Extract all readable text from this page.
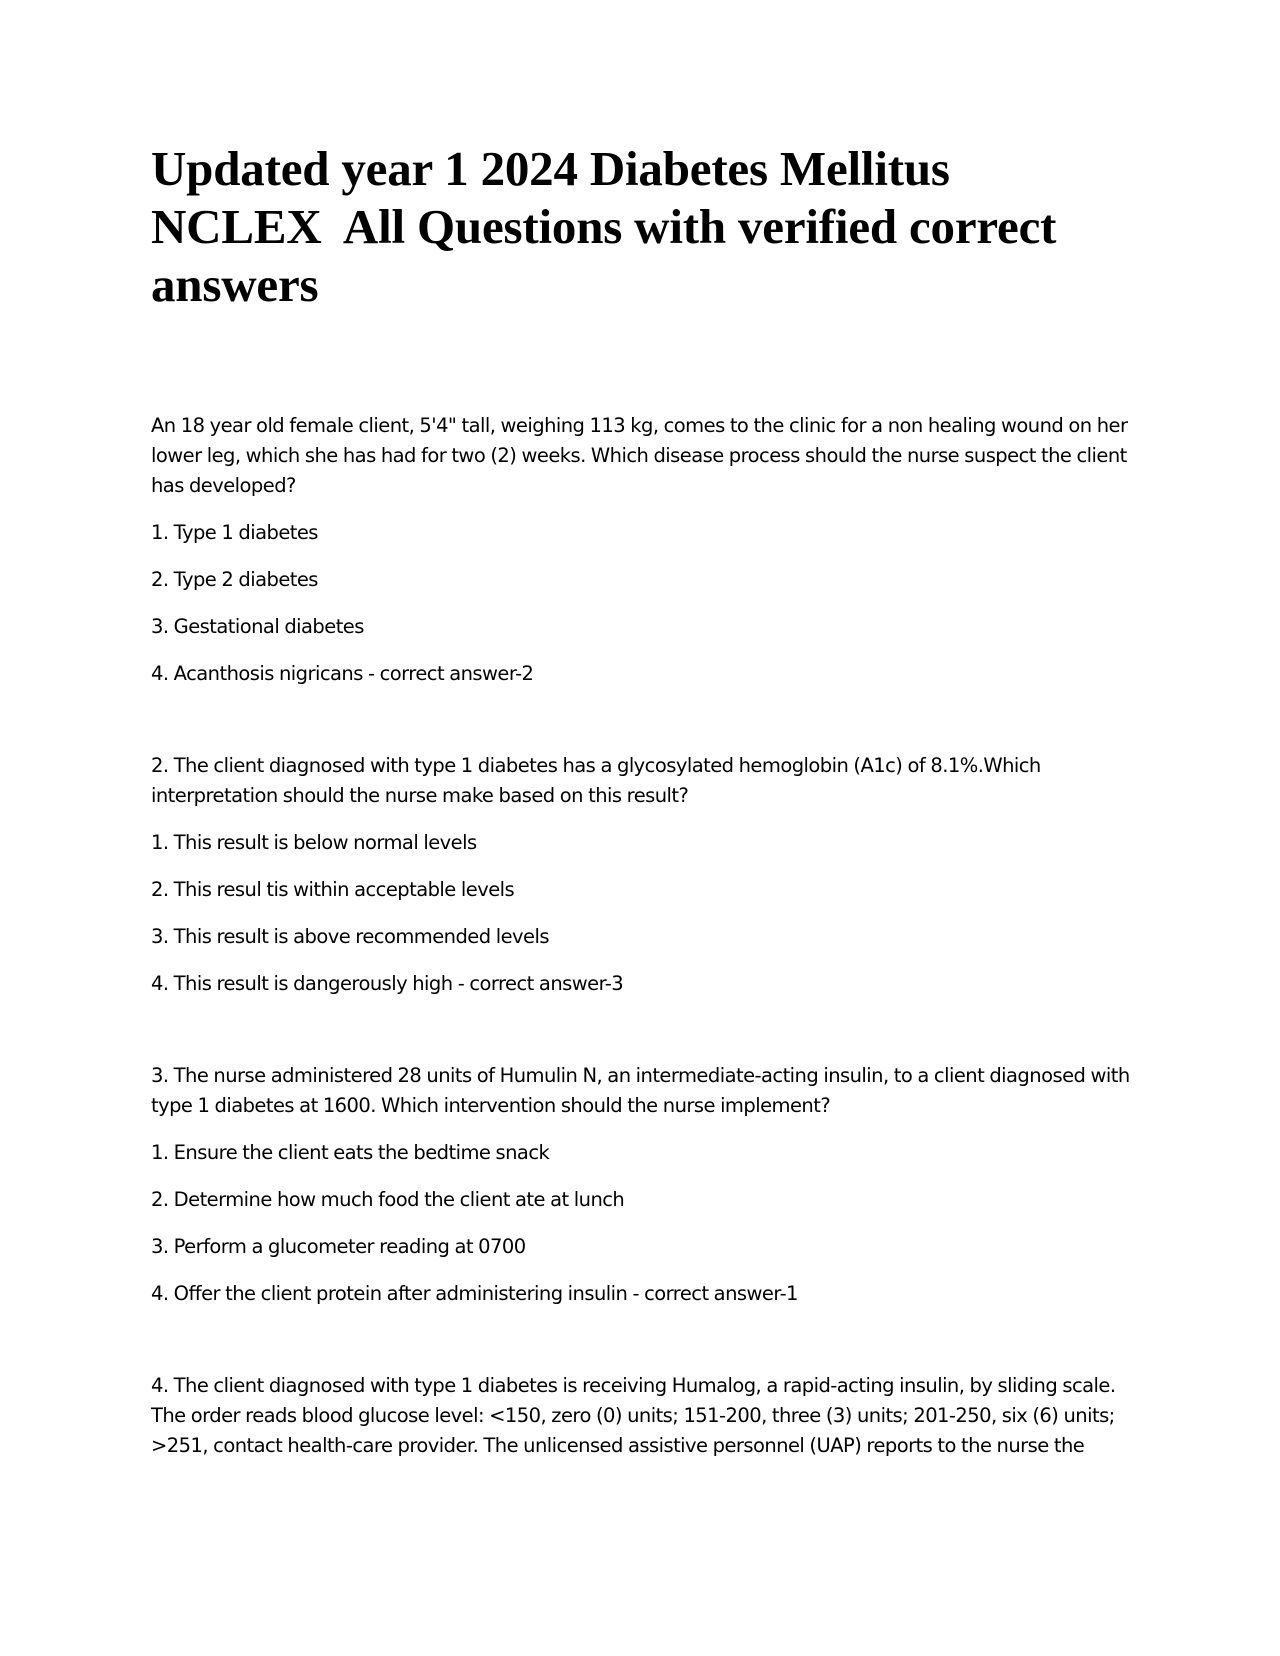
Updated year 1 2024 Diabetes Mellitus NCLEX  All Questions with verified correct answers

An 18 year old female client, 5'4" tall, weighing 113 kg, comes to the clinic for a non healing wound on her lower leg, which she has had for two (2) weeks. Which disease process should the nurse suspect the client has developed?

1. Type 1 diabetes

2. Type 2 diabetes

3. Gestational diabetes

4. Acanthosis nigricans - correct answer-2

2. The client diagnosed with type 1 diabetes has a glycosylated hemoglobin (A1c) of 8.1%.Which interpretation should the nurse make based on this result?

1. This result is below normal levels

2. This resul tis within acceptable levels

3. This result is above recommended levels

4. This result is dangerously high - correct answer-3

3. The nurse administered 28 units of Humulin N, an intermediate-acting insulin, to a client diagnosed with type 1 diabetes at 1600. Which intervention should the nurse implement?

1. Ensure the client eats the bedtime snack

2. Determine how much food the client ate at lunch

3. Perform a glucometer reading at 0700

4. Offer the client protein after administering insulin - correct answer-1

4. The client diagnosed with type 1 diabetes is receiving Humalog, a rapid-acting insulin, by sliding scale. The order reads blood glucose level: <150, zero (0) units; 151-200, three (3) units; 201-250, six (6) units; >251, contact health-care provider. The unlicensed assistive personnel (UAP) reports to the nurse the
